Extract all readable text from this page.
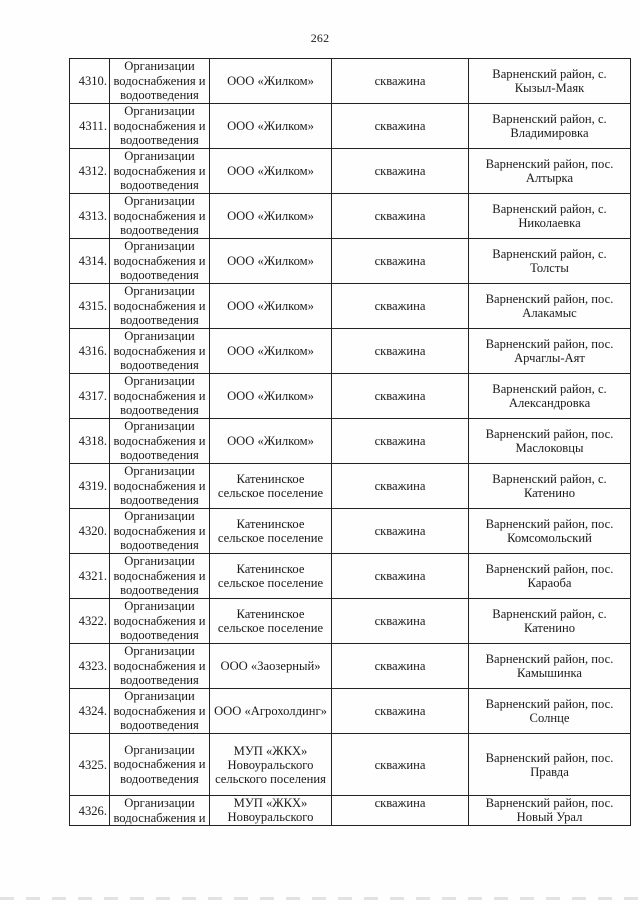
262
4310.	Организации водоснабжения и водоотведения	ООО «Жилком»	скважина	Варненский район, с. Кызыл-Маяк
4311.	Организации водоснабжения и водоотведения	ООО «Жилком»	скважина	Варненский район, с. Владимировка
4312.	Организации водоснабжения и водоотведения	ООО «Жилком»	скважина	Варненский район, пос. Алтырка
4313.	Организации водоснабжения и водоотведения	ООО «Жилком»	скважина	Варненский район, с. Николаевка
4314.	Организации водоснабжения и водоотведения	ООО «Жилком»	скважина	Варненский район, с. Толсты
4315.	Организации водоснабжения и водоотведения	ООО «Жилком»	скважина	Варненский район, пос. Алакамыс
4316.	Организации водоснабжения и водоотведения	ООО «Жилком»	скважина	Варненский район, пос. Арчаглы-Аят
4317.	Организации водоснабжения и водоотведения	ООО «Жилком»	скважина	Варненский район, с. Александровка
4318.	Организации водоснабжения и водоотведения	ООО «Жилком»	скважина	Варненский район, пос. Маслоковцы
4319.	Организации водоснабжения и водоотведения	Катенинское сельское поселение	скважина	Варненский район, с. Катенино
4320.	Организации водоснабжения и водоотведения	Катенинское сельское поселение	скважина	Варненский район, пос. Комсомольский
4321.	Организации водоснабжения и водоотведения	Катенинское сельское поселение	скважина	Варненский район, пос. Караоба
4322.	Организации водоснабжения и водоотведения	Катенинское сельское поселение	скважина	Варненский район, с. Катенино
4323.	Организации водоснабжения и водоотведения	ООО «Заозерный»	скважина	Варненский район, пос. Камышинка
4324.	Организации водоснабжения и водоотведения	ООО «Агрохолдинг»	скважина	Варненский район, пос. Солнце
4325.	Организации водоснабжения и водоотведения	МУП «ЖКХ» Новоуральского сельского поселения	скважина	Варненский район, пос. Правда
4326.	Организации водоснабжения и	МУП «ЖКХ» Новоуральского	скважина	Варненский район, пос. Новый Урал
